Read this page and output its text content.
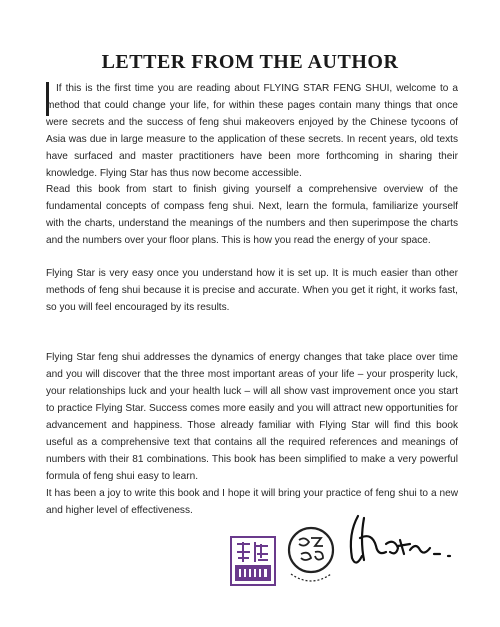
LETTER FROM THE AUTHOR

If this is the first time you are reading about FLYING STAR FENG SHUI, welcome to a method that could change your life, for within these pages contain many things that once were secrets and the success of feng shui makeovers enjoyed by the Chinese tycoons of Asia was due in large measure to the application of these secrets. In recent years, old texts have surfaced and master practitioners have been more forthcoming in sharing their knowledge. Flying Star has thus now become accessible.

Read this book from start to finish giving yourself a comprehensive overview of the fundamental concepts of compass feng shui. Next, learn the formula, familiarize yourself with the charts, understand the meanings of the numbers and then superimpose the charts and the numbers over your floor plans. This is how you read the energy of your space.

Flying Star is very easy once you understand how it is set up. It is much easier than other methods of feng shui because it is precise and accurate. When you get it right, it works fast, so you will feel encouraged by its results.

Flying Star feng shui addresses the dynamics of energy changes that take place over time and you will discover that the three most important areas of your life – your prosperity luck, your relationships luck and your health luck – will all show vast improvement once you start to practice Flying Star. Success comes more easily and you will attract new opportunities for advancement and happiness. Those already familiar with Flying Star will find this book useful as a comprehensive text that contains all the required references and meanings of numbers with their 81 combinations. This book has been simplified to make a very powerful formula of feng shui easy to learn.

It has been a joy to write this book and I hope it will bring your practice of feng shui to a new and higher level of effectiveness.
